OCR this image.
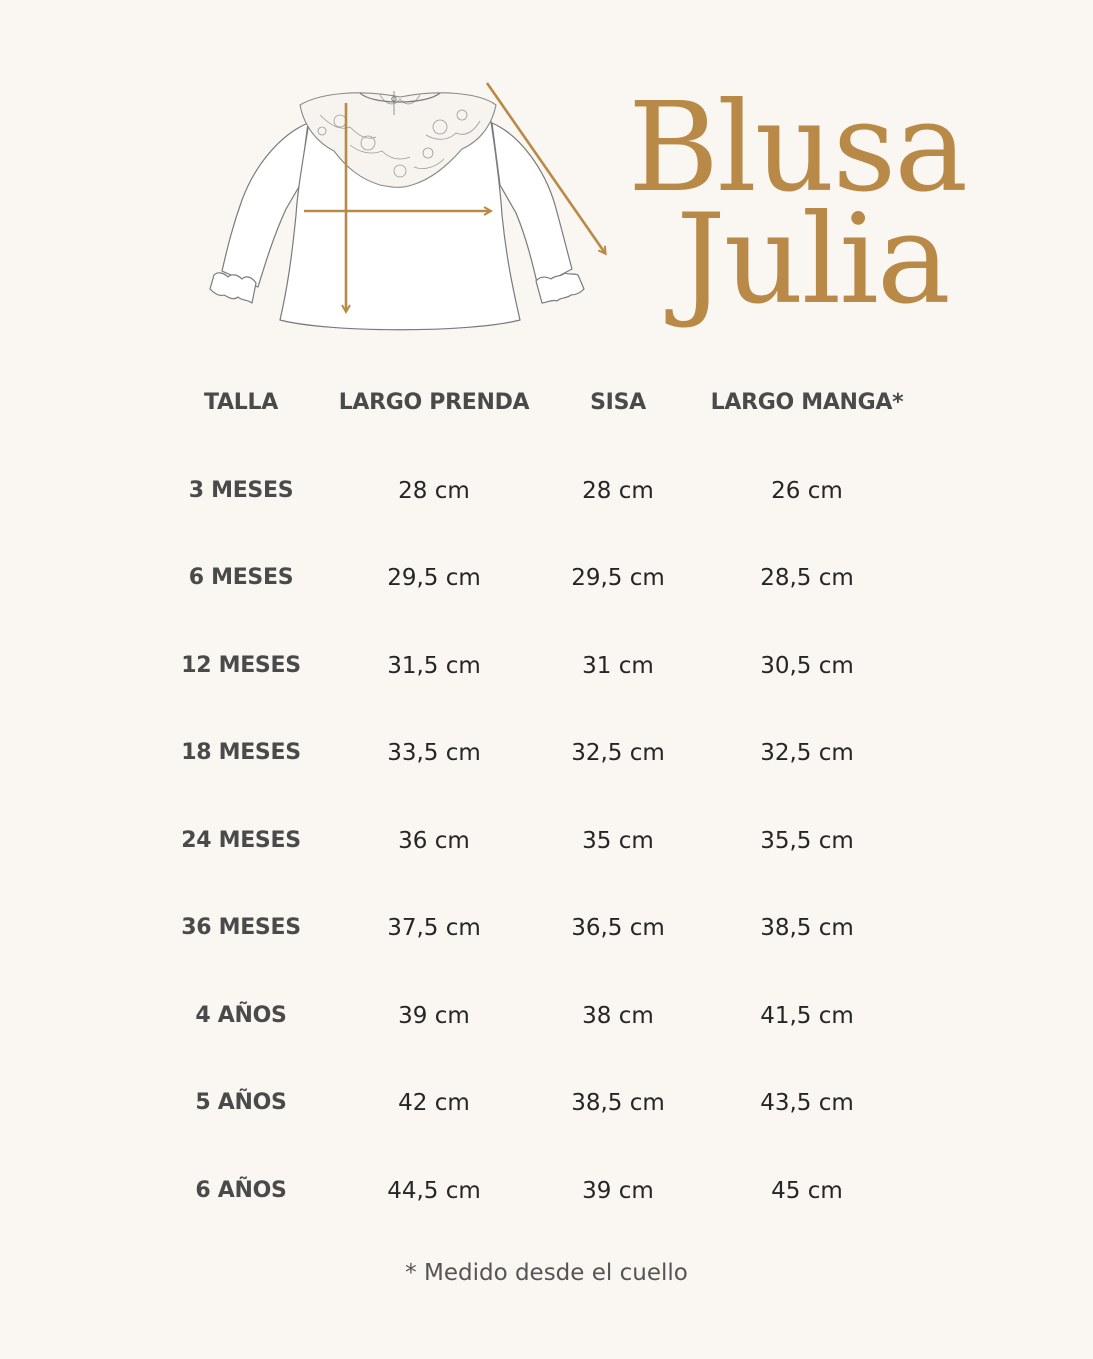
Blusa
Julia
TALLA	LARGO PRENDA	SISA	LARGO MANGA*
3 MESES	28 cm	28 cm	26 cm
6 MESES	29,5 cm	29,5 cm	28,5 cm
12 MESES	31,5 cm	31 cm	30,5 cm
18 MESES	33,5 cm	32,5 cm	32,5 cm
24 MESES	36 cm	35 cm	35,5 cm
36 MESES	37,5 cm	36,5 cm	38,5 cm
4 AÑOS	39 cm	38 cm	41,5 cm
5 AÑOS	42 cm	38,5 cm	43,5 cm
6 AÑOS	44,5 cm	39 cm	45 cm
* Medido desde el cuello
